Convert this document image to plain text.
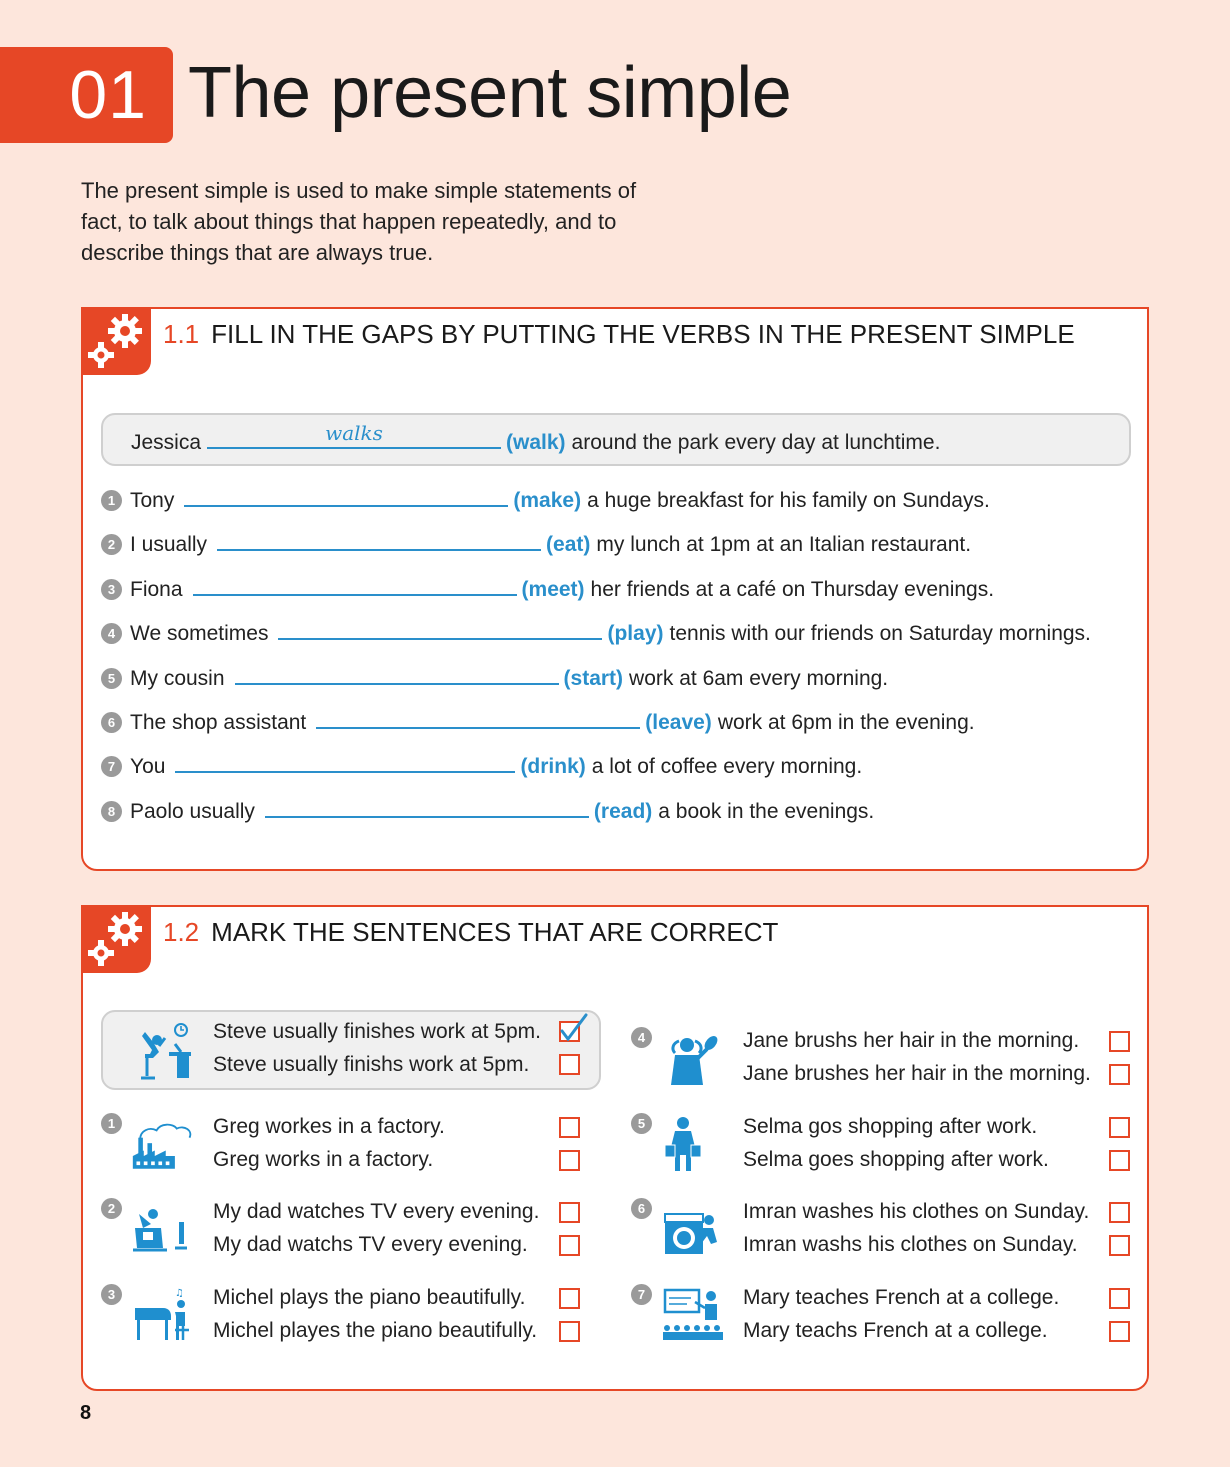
01 The present simple
The present simple is used to make simple statements of fact, to talk about things that happen repeatedly, and to describe things that are always true.
1.1 FILL IN THE GAPS BY PUTTING THE VERBS IN THE PRESENT SIMPLE
Jessica	walks	(walk) around the park every day at lunchtime.
1 Tony	(make) a huge breakfast for his family on Sundays.
2 I usually	(eat) my lunch at 1pm at an Italian restaurant.
3 Fiona	(meet) her friends at a café on Thursday evenings.
4 We sometimes	(play) tennis with our friends on Saturday mornings.
5 My cousin	(start) work at 6am every morning.
6 The shop assistant	(leave) work at 6pm in the evening.
7 You	(drink) a lot of coffee every morning.
8 Paolo usually	(read) a book in the evenings.
1.2 MARK THE SENTENCES THAT ARE CORRECT
Steve usually finishes work at 5pm.
Steve usually finishs work at 5pm.
1	Greg workes in a factory.
Greg works in a factory.
2	My dad watches TV every evening.
My dad watchs TV every evening.
3	♫ Michel plays the piano beautifully.
Michel playes the piano beautifully.
4	Jane brushs her hair in the morning.
Jane brushes her hair in the morning.
5	Selma gos shopping after work.
Selma goes shopping after work.
6	Imran washes his clothes on Sunday.
Imran washs his clothes on Sunday.
7	Mary teaches French at a college.
Mary teachs French at a college.
8
